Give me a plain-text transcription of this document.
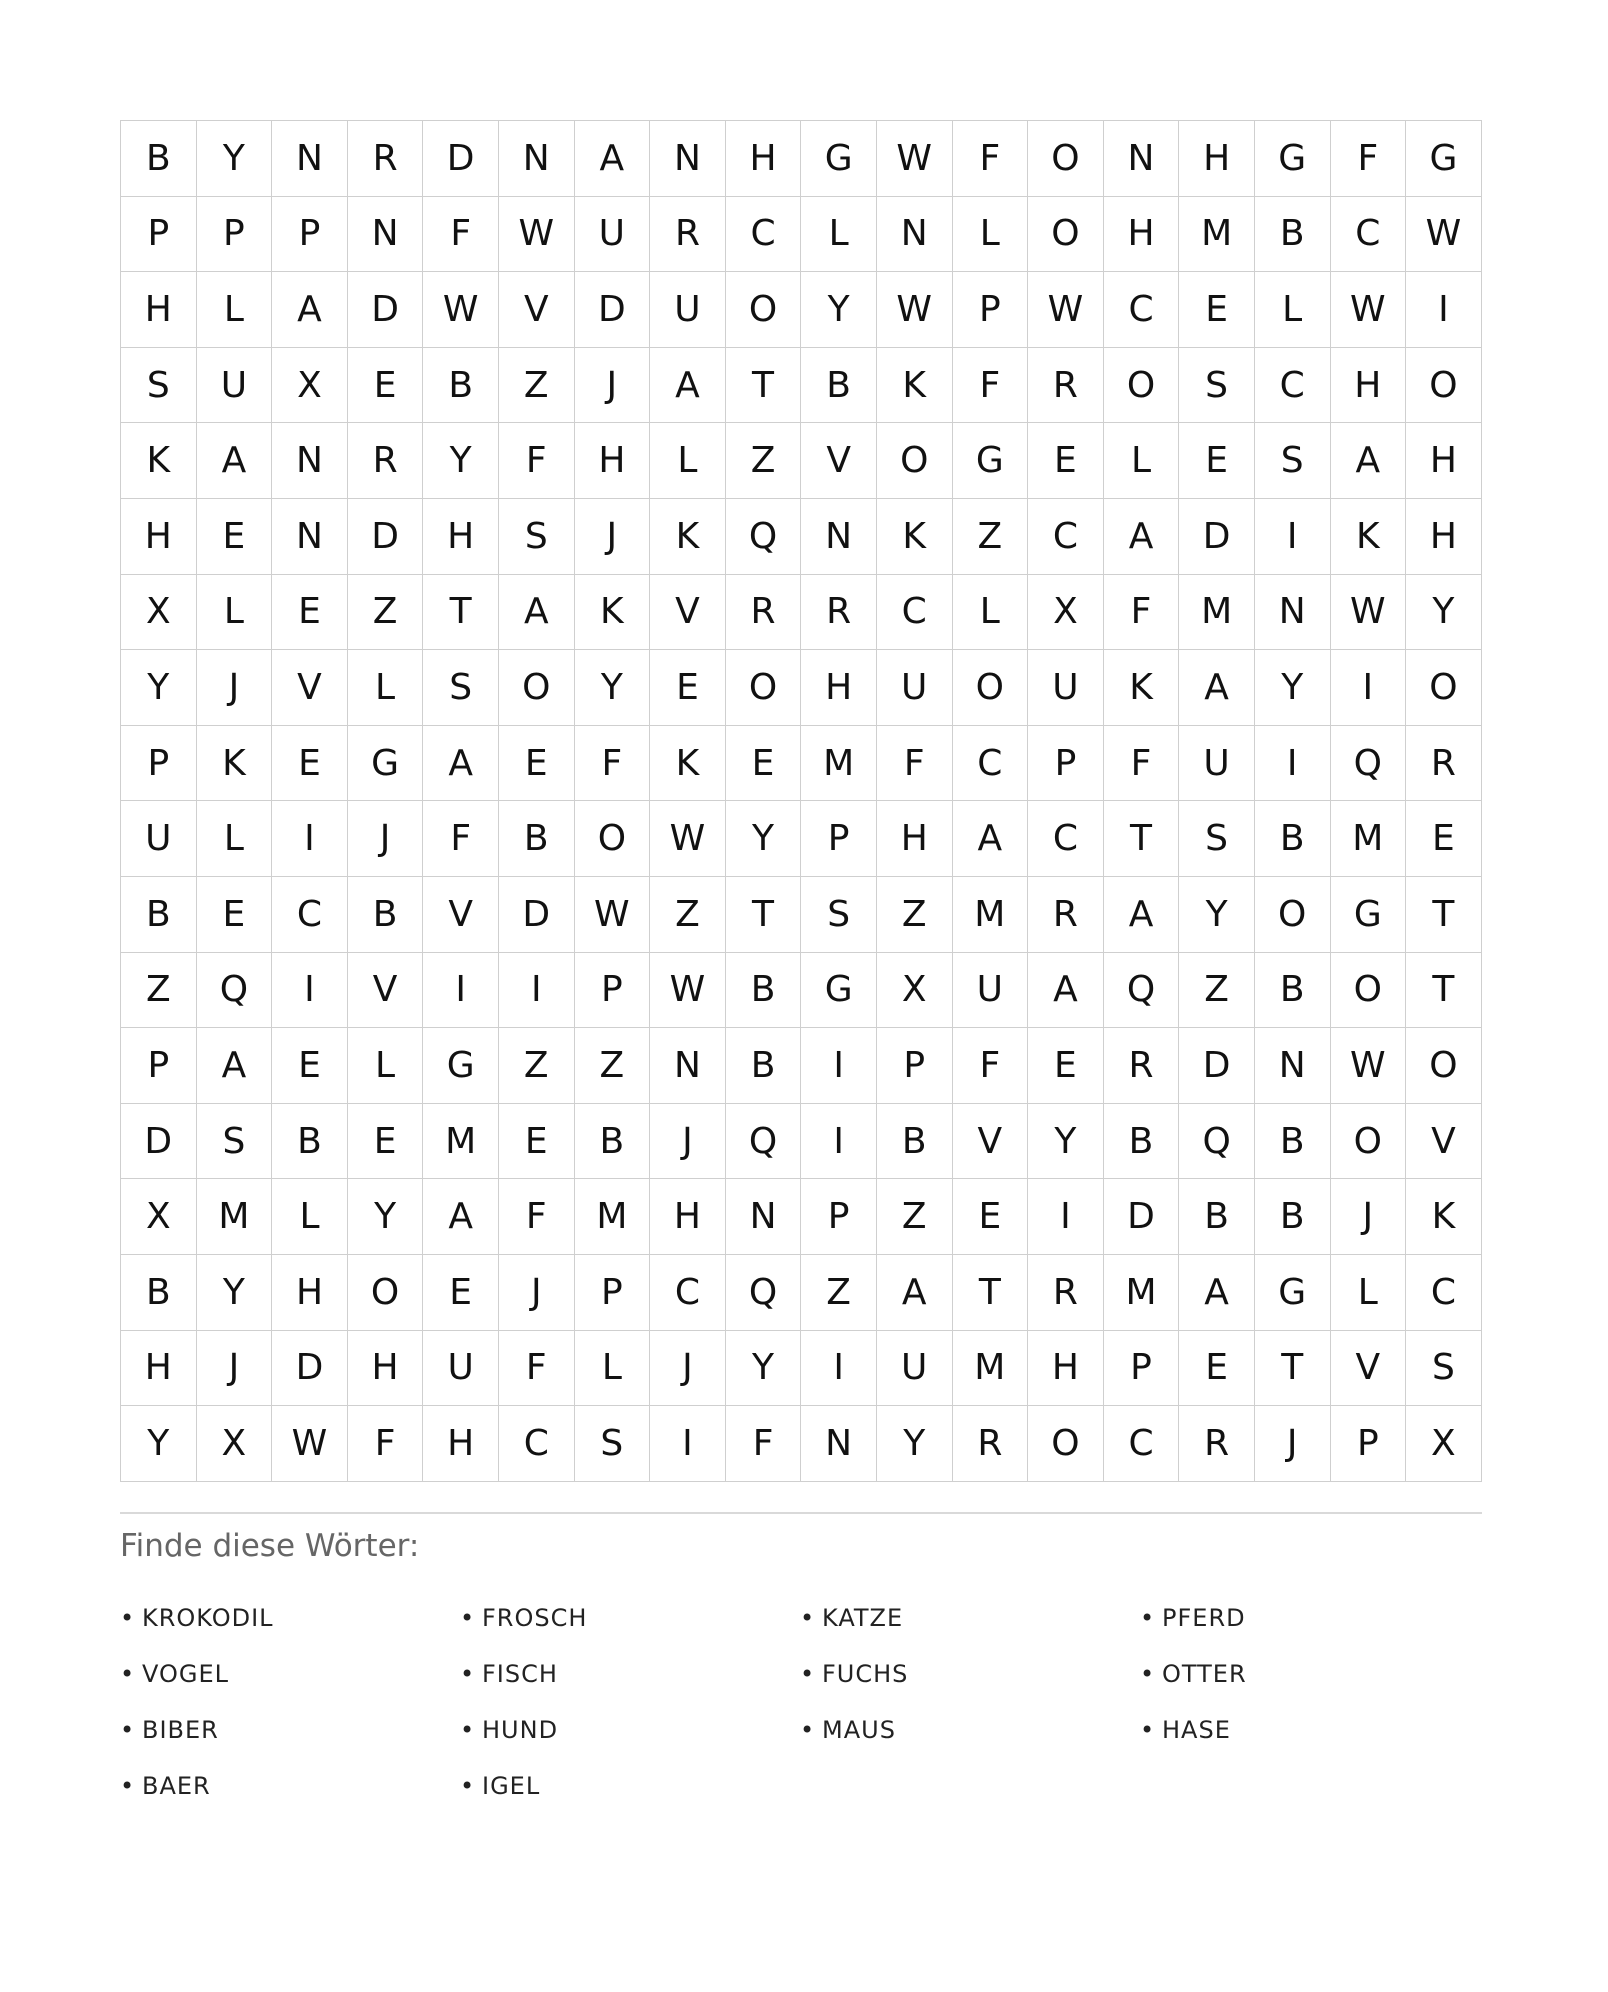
B	Y	N	R	D	N	A	N	H	G	W	F	O	N	H	G	F	G
P	P	P	N	F	W	U	R	C	L	N	L	O	H	M	B	C	W
H	L	A	D	W	V	D	U	O	Y	W	P	W	C	E	L	W	I
S	U	X	E	B	Z	J	A	T	B	K	F	R	O	S	C	H	O
K	A	N	R	Y	F	H	L	Z	V	O	G	E	L	E	S	A	H
H	E	N	D	H	S	J	K	Q	N	K	Z	C	A	D	I	K	H
X	L	E	Z	T	A	K	V	R	R	C	L	X	F	M	N	W	Y
Y	J	V	L	S	O	Y	E	O	H	U	O	U	K	A	Y	I	O
P	K	E	G	A	E	F	K	E	M	F	C	P	F	U	I	Q	R
U	L	I	J	F	B	O	W	Y	P	H	A	C	T	S	B	M	E
B	E	C	B	V	D	W	Z	T	S	Z	M	R	A	Y	O	G	T
Z	Q	I	V	I	I	P	W	B	G	X	U	A	Q	Z	B	O	T
P	A	E	L	G	Z	Z	N	B	I	P	F	E	R	D	N	W	O
D	S	B	E	M	E	B	J	Q	I	B	V	Y	B	Q	B	O	V
X	M	L	Y	A	F	M	H	N	P	Z	E	I	D	B	B	J	K
B	Y	H	O	E	J	P	C	Q	Z	A	T	R	M	A	G	L	C
H	J	D	H	U	F	L	J	Y	I	U	M	H	P	E	T	V	S
Y	X	W	F	H	C	S	I	F	N	Y	R	O	C	R	J	P	X
Finde diese Wörter:
• KROKODIL	• FROSCH	• KATZE	• PFERD
• VOGEL	• FISCH	• FUCHS	• OTTER
• BIBER	• HUND	• MAUS	• HASE
• BAER	• IGEL
